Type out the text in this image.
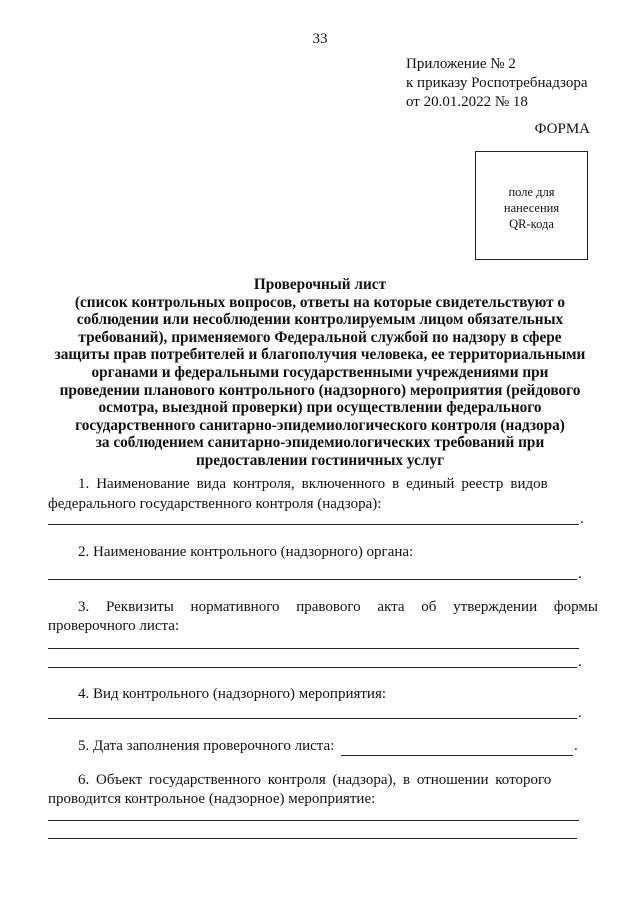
33
Приложение № 2
к приказу Роспотребнадзора
от 20.01.2022 № 18
ФОРМА
поле для
нанесения
QR-кода
Проверочный лист
(список контрольных вопросов, ответы на которые свидетельствуют о
соблюдении или несоблюдении контролируемым лицом обязательных
требований), применяемого Федеральной службой по надзору в сфере
защиты прав потребителей и благополучия человека, ее территориальными
органами и федеральными государственными учреждениями при
проведении планового контрольного (надзорного) мероприятия (рейдового
осмотра, выездной проверки) при осуществлении федерального
государственного санитарно-эпидемиологического контроля (надзора)
за соблюдением санитарно-эпидемиологических требований при
предоставлении гостиничных услуг
1. Наименование вида контроля, включенного в единый реестр видов
федерального государственного контроля (надзора):
.
2. Наименование контрольного (надзорного) органа:
.
3. Реквизиты нормативного правового акта об утверждении формы
проверочного листа:
.
4. Вид контрольного (надзорного) мероприятия:
.
5. Дата заполнения проверочного листа:	.
6. Объект государственного контроля (надзора), в отношении которого
проводится контрольное (надзорное) мероприятие:
